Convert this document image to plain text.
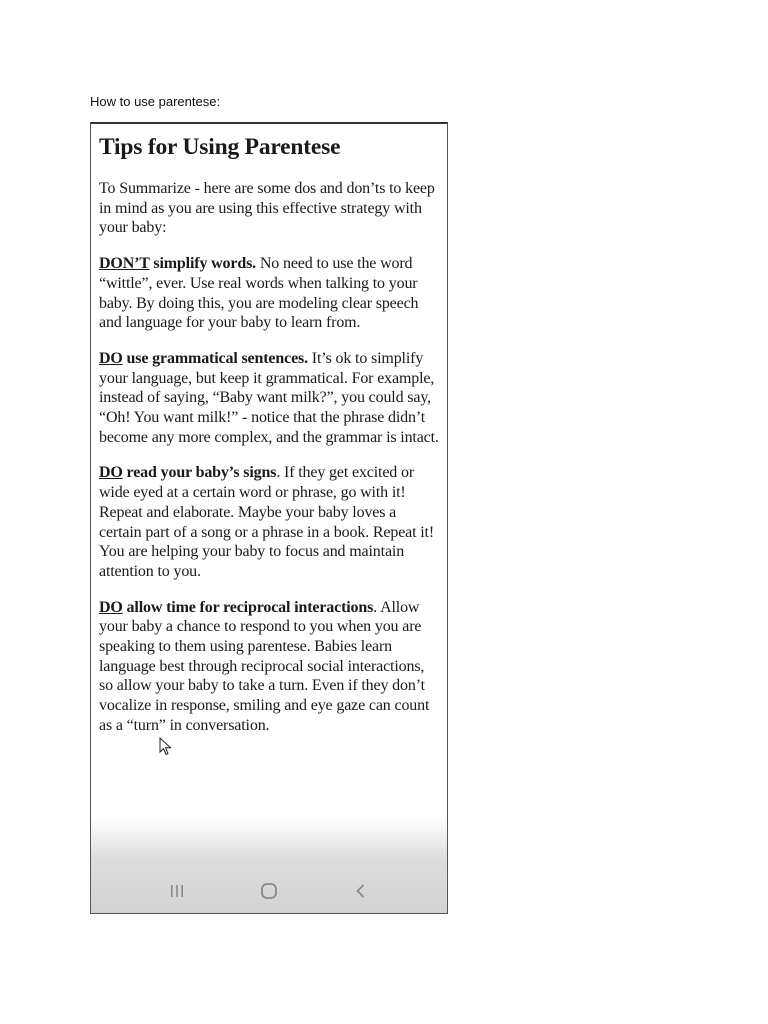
How to use parentese:
Tips for Using Parentese

To Summarize - here are some dos and don’ts to keep in mind as you are using this effective strategy with your baby:

DON’T simplify words. No need to use the word “wittle”, ever. Use real words when talking to your baby. By doing this, you are modeling clear speech and language for your baby to learn from.

DO use grammatical sentences. It’s ok to simplify your language, but keep it grammatical. For example, instead of saying, “Baby want milk?”, you could say, “Oh! You want milk!” - notice that the phrase didn’t become any more complex, and the grammar is intact.

DO read your baby’s signs. If they get excited or wide eyed at a certain word or phrase, go with it! Repeat and elaborate. Maybe your baby loves a certain part of a song or a phrase in a book. Repeat it! You are helping your baby to focus and maintain attention to you.

DO allow time for reciprocal interactions. Allow your baby a chance to respond to you when you are speaking to them using parentese. Babies learn language best through reciprocal social interactions, so allow your baby to take a turn. Even if they don’t vocalize in response, smiling and eye gaze can count as a “turn” in conversation.
